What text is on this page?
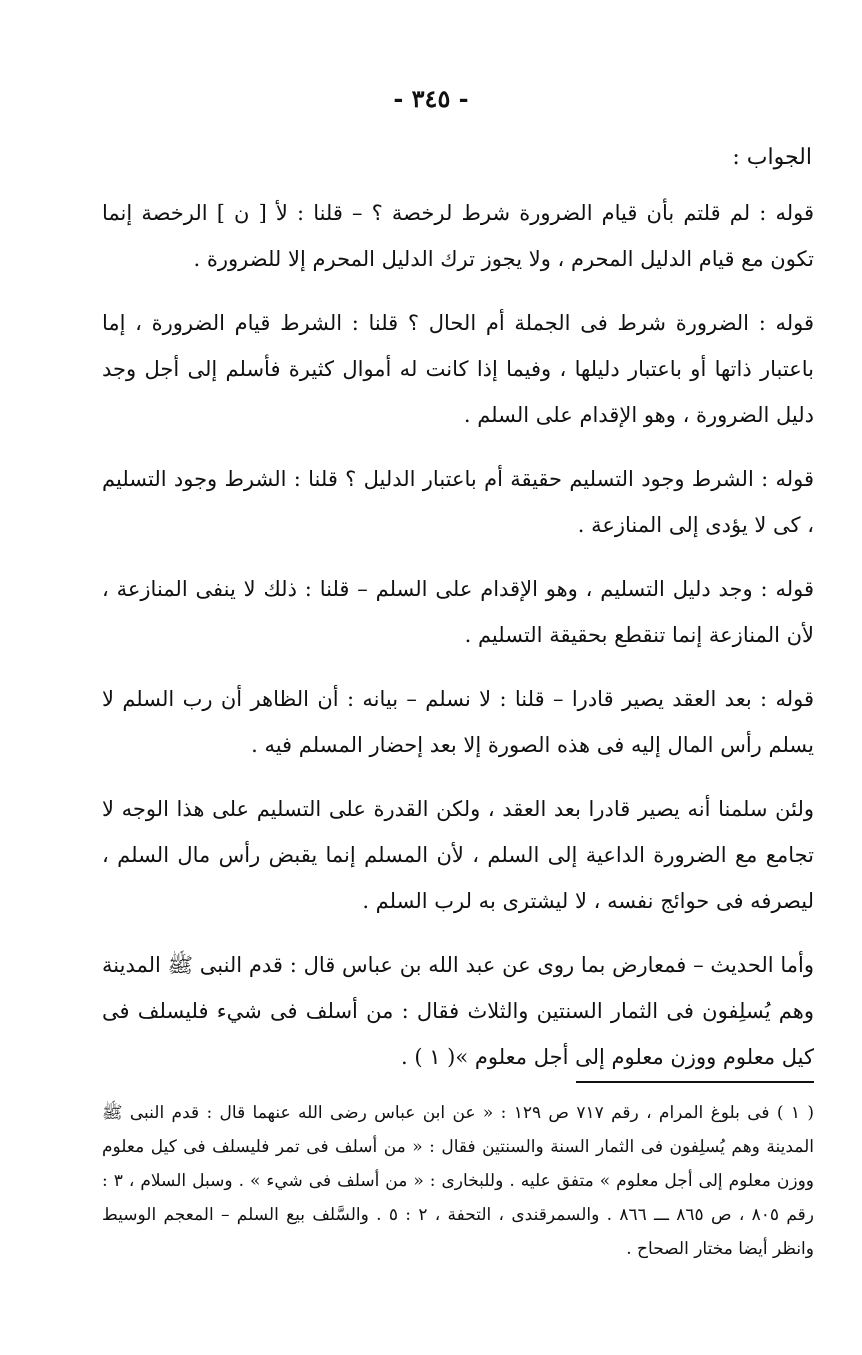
- ٣٤٥ -
الجواب :

قوله : لم قلتم بأن قيام الضرورة شرط لرخصة ؟ – قلنا : لأ [ ن ] الرخصة إنما تكون مع قيام الدليل المحرم ، ولا يجوز ترك الدليل المحرم إلا للضرورة .

قوله : الضرورة شرط فى الجملة أم الحال ؟ قلنا : الشرط قيام الضرورة ، إما باعتبار ذاتها أو باعتبار دليلها ، وفيما إذا كانت له أموال كثيرة فأسلم إلى أجل وجد دليل الضرورة ، وهو الإقدام على السلم .

قوله : الشرط وجود التسليم حقيقة أم باعتبار الدليل ؟ قلنا : الشرط وجود التسليم ، كى لا يؤدى إلى المنازعة .

قوله : وجد دليل التسليم ، وهو الإقدام على السلم – قلنا : ذلك لا ينفى المنازعة ، لأن المنازعة إنما تنقطع بحقيقة التسليم .

قوله : بعد العقد يصير قادرا – قلنا : لا نسلم – بيانه : أن الظاهر أن رب السلم لا يسلم رأس المال إليه فى هذه الصورة إلا بعد إحضار المسلم فيه .

ولئن سلمنا أنه يصير قادرا بعد العقد ، ولكن القدرة على التسليم على هذا الوجه لا تجامع مع الضرورة الداعية إلى السلم ، لأن المسلم إنما يقبض رأس مال السلم ، ليصرفه فى حوائج نفسه ، لا ليشترى به لرب السلم .

وأما الحديث – فمعارض بما روى عن عبد الله بن عباس قال : قدم النبى ﷺ المدينة وهم يُسلِفون فى الثمار السنتين والثلاث فقال : من أسلف فى شيء فليسلف فى كيل معلوم ووزن معلوم إلى أجل معلوم »( ١ ) .

( ١ ) فى بلوغ المرام ، رقم ٧١٧ ص ١٢٩ : « عن ابن عباس رضى الله عنهما قال : قدم النبى ﷺ المدينة وهم يُسلِفون فى الثمار السنة والسنتين فقال : « من أسلف فى تمر فليسلف فى كيل معلوم ووزن معلوم إلى أجل معلوم » متفق عليه . وللبخارى : « من أسلف فى شيء » . وسبل السلام ، ٣ : رقم ٨٠٥ ، ص ٨٦٥ ـــ ٨٦٦ . والسمرقندى ، التحفة ، ٢ : ٥ . والسَّلف بيع السلم – المعجم الوسيط وانظر أيضا مختار الصحاح .
